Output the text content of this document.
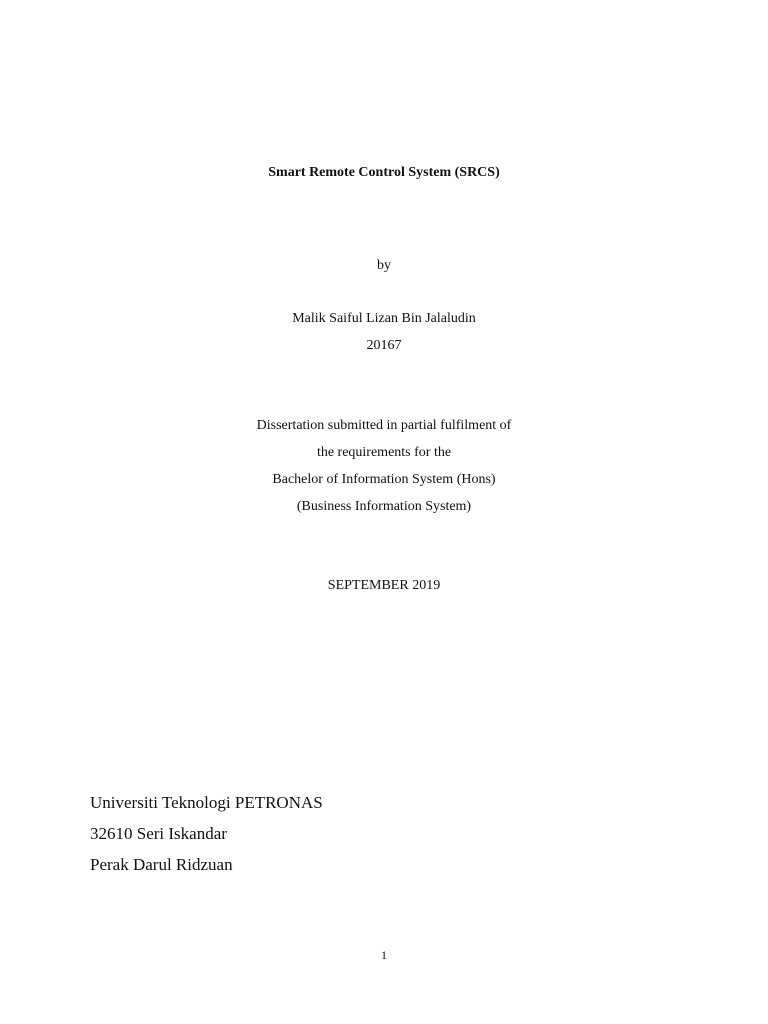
Smart Remote Control System (SRCS)
by
Malik Saiful Lizan Bin Jalaludin
20167
Dissertation submitted in partial fulfilment of
the requirements for the
Bachelor of Information System (Hons)
(Business Information System)
SEPTEMBER 2019
Universiti Teknologi PETRONAS
32610 Seri Iskandar
Perak Darul Ridzuan
1
